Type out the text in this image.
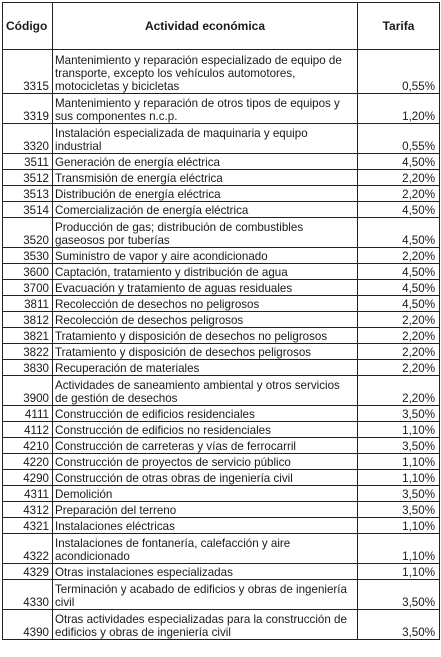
Código	Actividad económica	Tarifa
3315	Mantenimiento y reparación especializado de equipo de transporte, excepto los vehículos automotores, motocicletas y bicicletas	0,55%
3319	Mantenimiento y reparación de otros tipos de equipos y sus componentes n.c.p.	1,20%
3320	Instalación especializada de maquinaria y equipo industrial	0,55%
3511	Generación de energía eléctrica	4,50%
3512	Transmisión de energía eléctrica	2,20%
3513	Distribución de energía eléctrica	2,20%
3514	Comercialización de energía eléctrica	4,50%
3520	Producción de gas; distribución de combustibles gaseosos por tuberías	4,50%
3530	Suministro de vapor y aire acondicionado	2,20%
3600	Captación, tratamiento y distribución de agua	4,50%
3700	Evacuación y tratamiento de aguas residuales	4,50%
3811	Recolección de desechos no peligrosos	4,50%
3812	Recolección de desechos peligrosos	2,20%
3821	Tratamiento y disposición de desechos no peligrosos	2,20%
3822	Tratamiento y disposición de desechos peligrosos	2,20%
3830	Recuperación de materiales	2,20%
3900	Actividades de saneamiento ambiental y otros servicios de gestión de desechos	2,20%
4111	Construcción de edificios residenciales	3,50%
4112	Construcción de edificios no residenciales	1,10%
4210	Construcción de carreteras y vías de ferrocarril	3,50%
4220	Construcción de proyectos de servicio público	1,10%
4290	Construcción de otras obras de ingeniería civil	1,10%
4311	Demolición	3,50%
4312	Preparación del terreno	3,50%
4321	Instalaciones eléctricas	1,10%
4322	Instalaciones de fontanería, calefacción y aire acondicionado	1,10%
4329	Otras instalaciones especializadas	1,10%
4330	Terminación y acabado de edificios y obras de ingeniería civil	3,50%
4390	Otras actividades especializadas para la construcción de edificios y obras de ingeniería civil	3,50%
